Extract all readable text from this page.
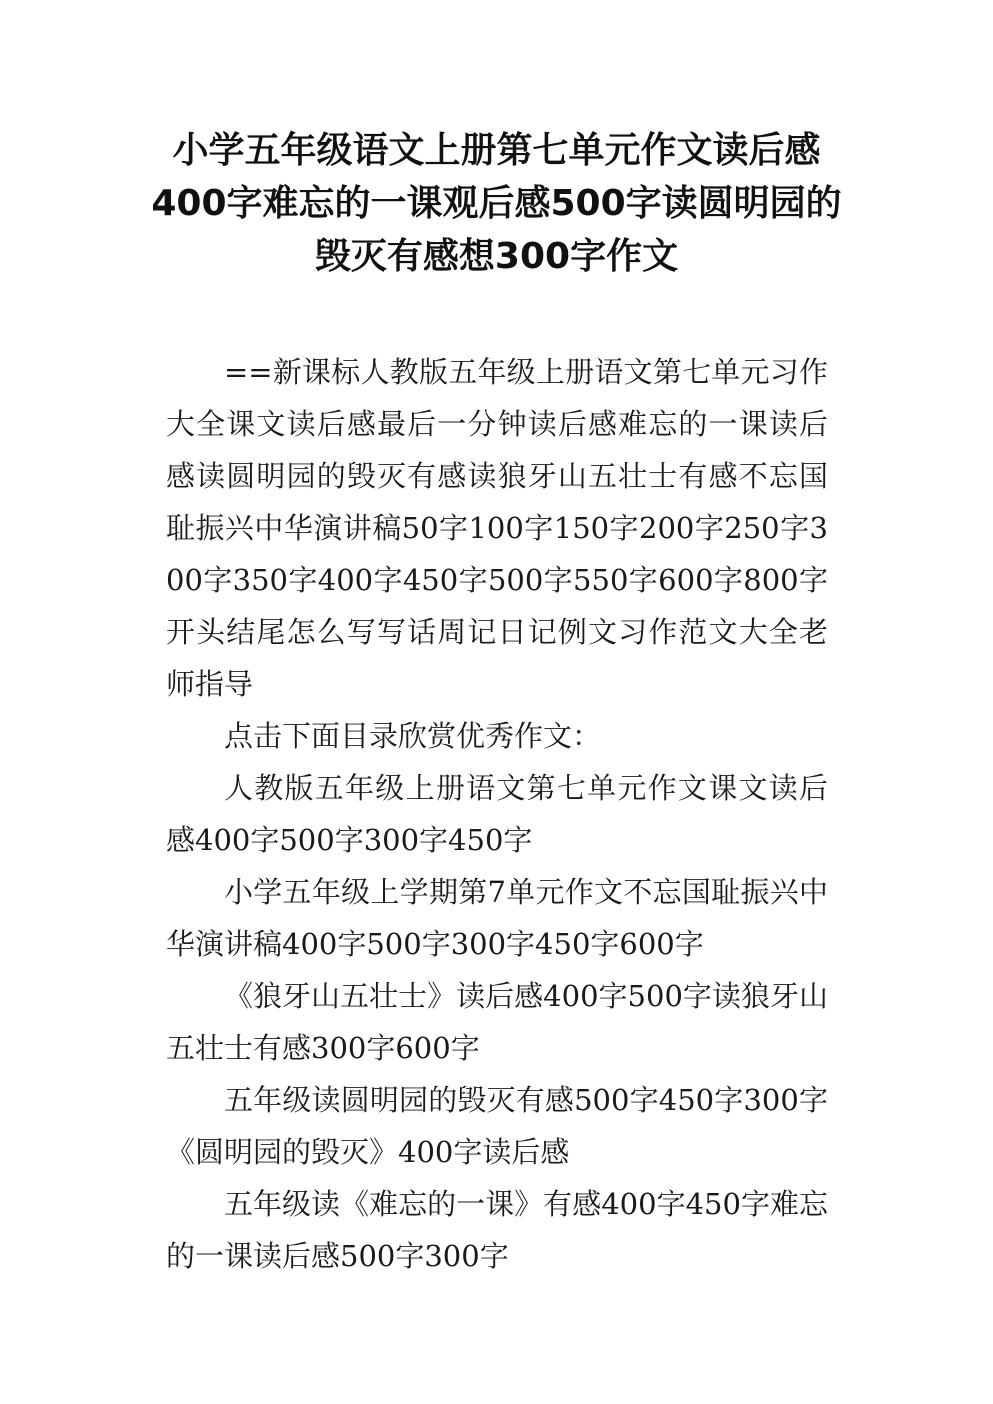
小学五年级语文上册第七单元作文读后感400字难忘的一课观后感500字读圆明园的毁灭有感想300字作文

==新课标人教版五年级上册语文第七单元习作大全课文读后感最后一分钟读后感难忘的一课读后感读圆明园的毁灭有感读狼牙山五壮士有感不忘国耻振兴中华演讲稿50字100字150字200字250字300字350字400字450字500字550字600字800字开头结尾怎么写写话周记日记例文习作范文大全老师指导

点击下面目录欣赏优秀作文：

人教版五年级上册语文第七单元作文课文读后感400字500字300字450字

小学五年级上学期第7单元作文不忘国耻振兴中华演讲稿400字500字300字450字600字

《狼牙山五壮士》读后感400字500字读狼牙山五壮士有感300字600字

五年级读圆明园的毁灭有感500字450字300字《圆明园的毁灭》400字读后感

五年级读《难忘的一课》有感400字450字难忘的一课读后感500字300字
